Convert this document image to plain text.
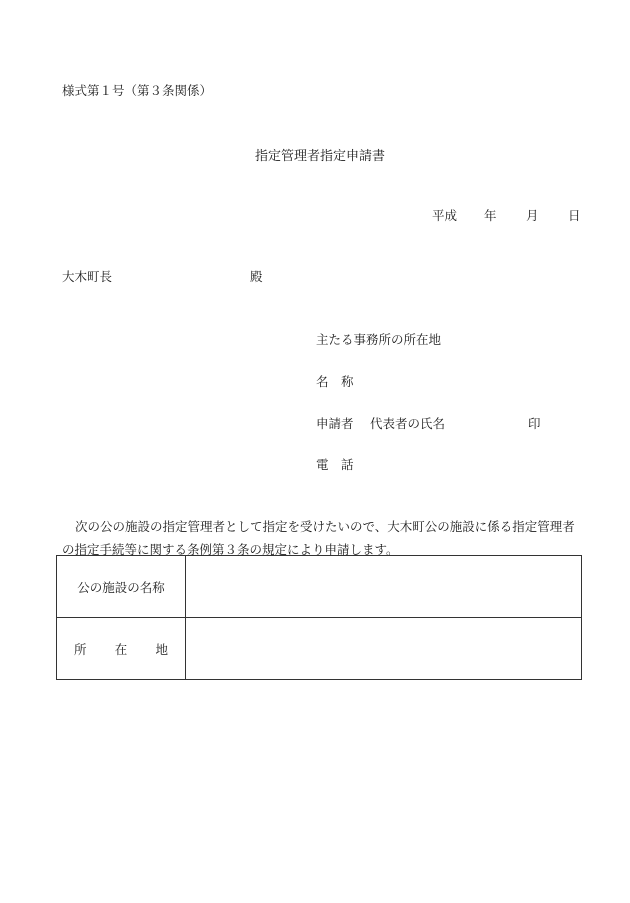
様式第１号（第３条関係）
指定管理者指定申請書
平成 年 月 日
大木町長	殿
主たる事務所の所在地
名　称
申請者 代表者の氏名	印
電　話
次の公の施設の指定管理者として指定を受けたいので、大木町公の施設に係る指定管理者の指定手続等に関する条例第３条の規定により申請します。
公の施設の名称	
所　在　地	
